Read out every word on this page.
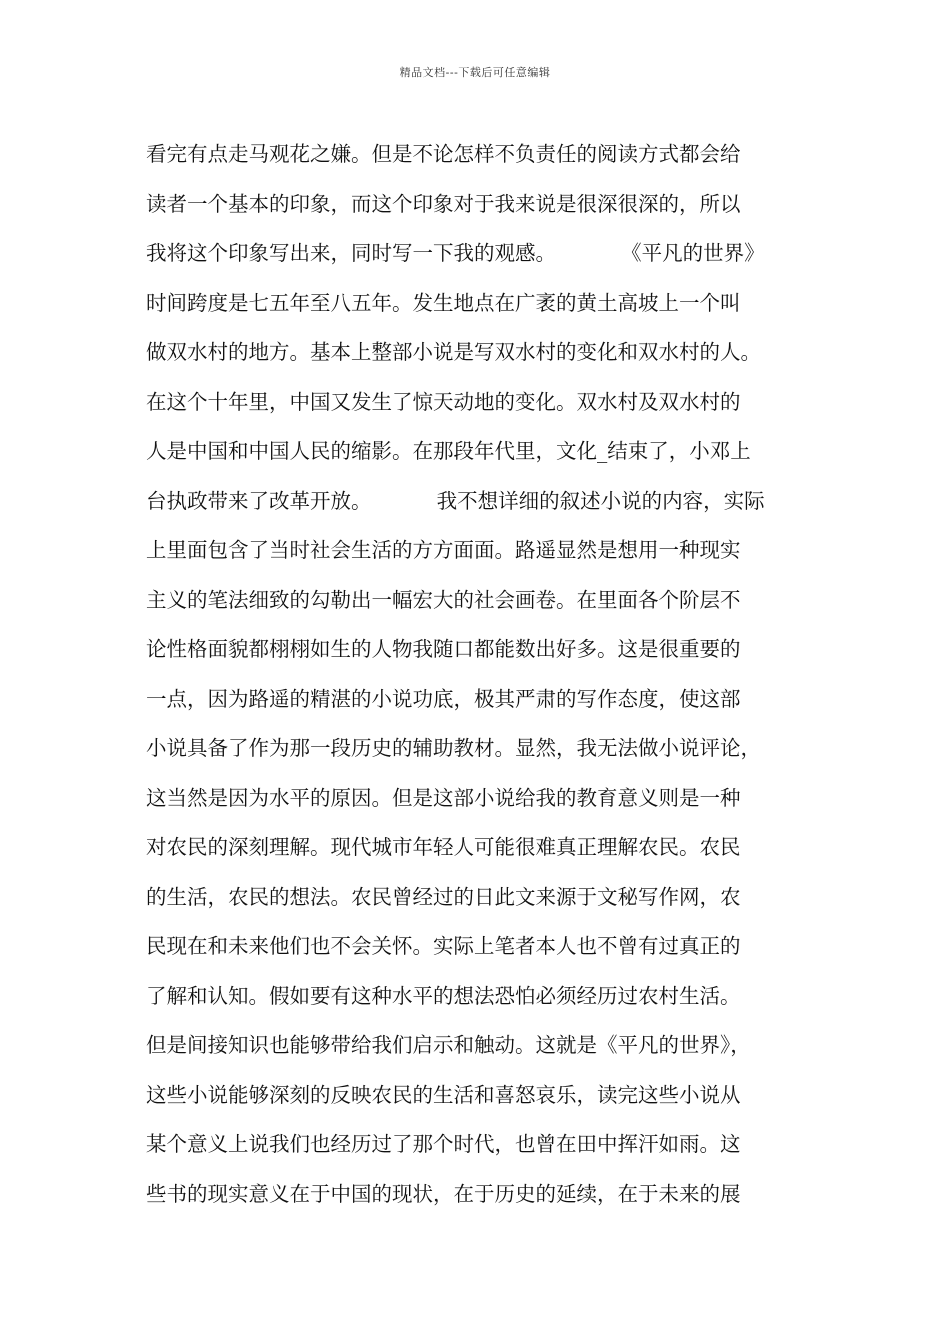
精品文档---下载后可任意编辑
看完有点走马观花之嫌。但是不论怎样不负责任的阅读方式都会给
读者一个基本的印象，而这个印象对于我来说是很深很深的，所以
我将这个印象写出来，同时写一下我的观感。          《平凡的世界》
时间跨度是七五年至八五年。发生地点在广袤的黄土高坡上一个叫
做双水村的地方。基本上整部小说是写双水村的变化和双水村的人。
在这个十年里，中国又发生了惊天动地的变化。双水村及双水村的
人是中国和中国人民的缩影。在那段年代里，文化_结束了，小邓上
台执政带来了改革开放。          我不想详细的叙述小说的内容，实际
上里面包含了当时社会生活的方方面面。路遥显然是想用一种现实
主义的笔法细致的勾勒出一幅宏大的社会画卷。在里面各个阶层不
论性格面貌都栩栩如生的人物我随口都能数出好多。这是很重要的
一点，因为路遥的精湛的小说功底，极其严肃的写作态度，使这部
小说具备了作为那一段历史的辅助教材。显然，我无法做小说评论，
这当然是因为水平的原因。但是这部小说给我的教育意义则是一种
对农民的深刻理解。现代城市年轻人可能很难真正理解农民。农民
的生活，农民的想法。农民曾经过的日此文来源于文秘写作网，农
民现在和未来他们也不会关怀。实际上笔者本人也不曾有过真正的
了解和认知。假如要有这种水平的想法恐怕必须经历过农村生活。
但是间接知识也能够带给我们启示和触动。这就是《平凡的世界》，
这些小说能够深刻的反映农民的生活和喜怒哀乐，读完这些小说从
某个意义上说我们也经历过了那个时代，也曾在田中挥汗如雨。这
些书的现实意义在于中国的现状，在于历史的延续，在于未来的展
